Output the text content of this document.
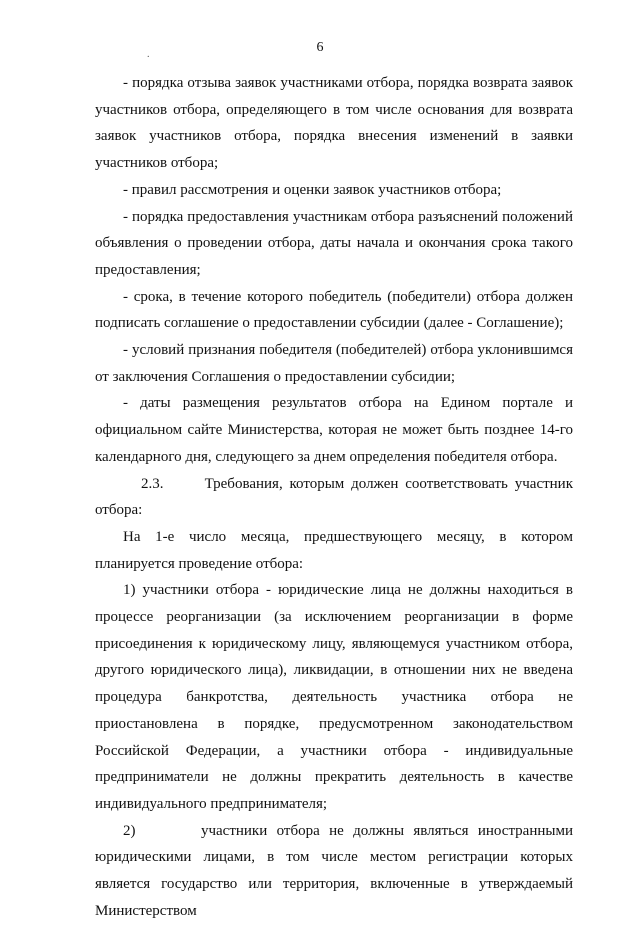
6
.

- порядка отзыва заявок участниками отбора, порядка возврата заявок участников отбора, определяющего в том числе основания для возврата заявок участников отбора, порядка внесения изменений в заявки участников отбора;

- правил рассмотрения и оценки заявок участников отбора;

- порядка предоставления участникам отбора разъяснений положений объявления о проведении отбора, даты начала и окончания срока такого предоставления;

- срока, в течение которого победитель (победители) отбора должен подписать соглашение о предоставлении субсидии (далее - Соглашение);

- условий признания победителя (победителей) отбора уклонившимся от заключения Соглашения о предоставлении субсидии;

- даты размещения результатов отбора на Едином портале и официальном сайте Министерства, которая не может быть позднее 14-го календарного дня, следующего за днем определения победителя отбора.

2.3.      Требования, которым должен соответствовать участник отбора:

На 1-е число месяца, предшествующего месяцу, в котором планируется проведение отбора:

1) участники отбора - юридические лица не должны находиться в процессе реорганизации (за исключением реорганизации в форме присоединения к юридическому лицу, являющемуся участником отбора, другого юридического лица), ликвидации, в отношении них не введена процедура банкротства, деятельность участника отбора не приостановлена в порядке, предусмотренном законодательством Российской Федерации, а участники отбора - индивидуальные предприниматели не должны прекратить деятельность в качестве индивидуального предпринимателя;

2)       участники отбора не должны являться иностранными юридическими лицами, в том числе местом регистрации которых является государство или территория, включенные в утверждаемый Министерством
